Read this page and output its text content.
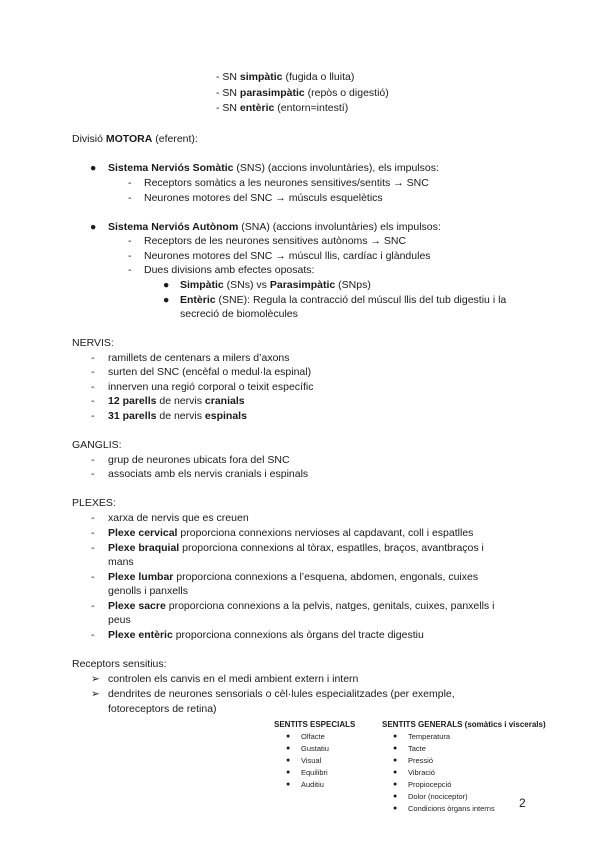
- SN simpàtic (fugida o lluita)
- SN parasimpàtic (repòs o digestió)
- SN entèric (entorn=intestí)
Divisió MOTORA (eferent):
● Sistema Nerviós Somàtic (SNS) (accions involuntàries), els impulsos:
- Receptors somàtics a les neurones sensitives/sentits → SNC
- Neurones motores del SNC → músculs esquelètics
● Sistema Nerviós Autònom (SNA) (accions involuntàries) els impulsos:
- Receptors de les neurones sensitives autònoms → SNC
- Neurones motores del SNC → múscul llis, cardíac i glàndules
- Dues divisions amb efectes oposats:
● Simpàtic (SNs) vs Parasimpàtic (SNps)
● Entèric (SNE): Regula la contracció del múscul llis del tub digestiu i la
secreció de biomolècules
NERVIS:
- ramillets de centenars a milers d’axons
- surten del SNC (encèfal o medul·la espinal)
- innerven una regió corporal o teixit específic
- 12 parells de nervis cranials
- 31 parells de nervis espinals
GANGLIS:
- grup de neurones ubicats fora del SNC
- associats amb els nervis cranials i espinals
PLEXES:
- xarxa de nervis que es creuen
- Plexe cervical proporciona connexions nervioses al capdavant, coll i espatlles
- Plexe braquial proporciona connexions al tòrax, espatlles, braços, avantbraços i
mans
- Plexe lumbar proporciona connexions a l’esquena, abdomen, engonals, cuixes
genolls i panxells
- Plexe sacre proporciona connexions a la pelvis, natges, genitals, cuixes, panxells i
peus
- Plexe entèric proporciona connexions als òrgans del tracte digestiu
Receptors sensitius:
➢ controlen els canvis en el medi ambient extern i intern
➢ dendrites de neurones sensorials o cèl·lules especialitzades (per exemple,
fotoreceptors de retina)
SENTITS ESPECIALS	SENTITS GENERALS (somàtics i viscerals)
● Olfacte
● Gustatiu
● Visual
● Equilibri
● Auditiu
● Temperatura
● Tacte
● Pressió
● Vibració
● Propiocepció
● Dolor (nociceptor)
● Condicions òrgans interns 2
